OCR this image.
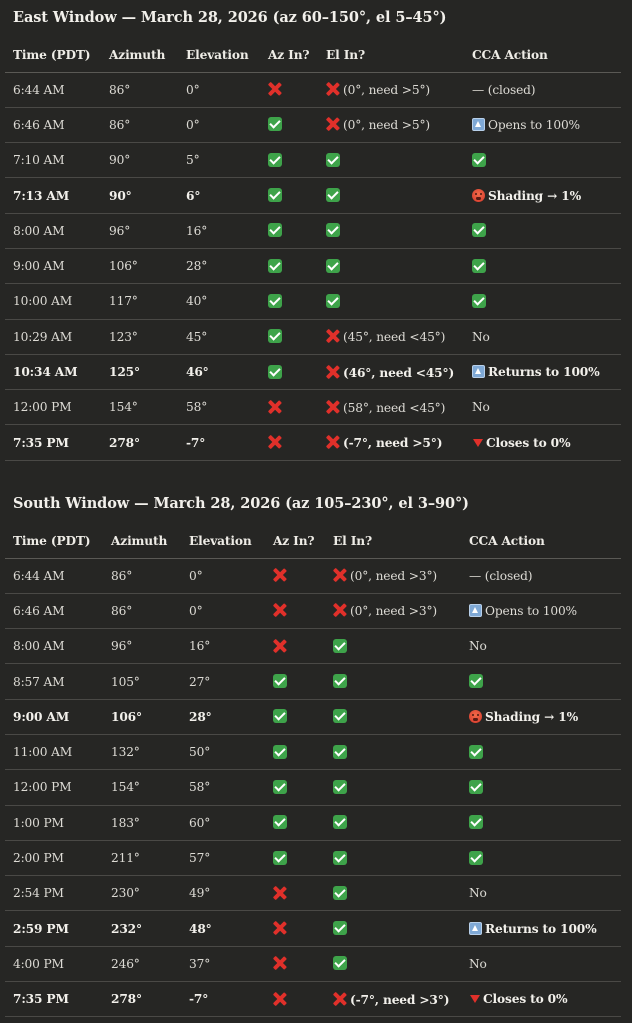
East Window — March 28, 2026 (az 60–150°, el 5–45°)
Time (PDT)	Azimuth	Elevation	Az In?	El In?	CCA Action
6:44 AM	86°	0°		(0°, need >5°)	— (closed)
6:46 AM	86°	0°		(0°, need >5°)	Opens to 100%
7:10 AM	90°	5°			
7:13 AM	90°	6°			Shading → 1%
8:00 AM	96°	16°			
9:00 AM	106°	28°			
10:00 AM	117°	40°			
10:29 AM	123°	45°		(45°, need <45°)	No
10:34 AM	125°	46°		(46°, need <45°)	Returns to 100%
12:00 PM	154°	58°		(58°, need <45°)	No
7:35 PM	278°	-7°		(-7°, need >5°)	Closes to 0%
South Window — March 28, 2026 (az 105–230°, el 3–90°)
Time (PDT)	Azimuth	Elevation	Az In?	El In?	CCA Action
6:44 AM	86°	0°		(0°, need >3°)	— (closed)
6:46 AM	86°	0°		(0°, need >3°)	Opens to 100%
8:00 AM	96°	16°			No
8:57 AM	105°	27°			
9:00 AM	106°	28°			Shading → 1%
11:00 AM	132°	50°			
12:00 PM	154°	58°			
1:00 PM	183°	60°			
2:00 PM	211°	57°			
2:54 PM	230°	49°			No
2:59 PM	232°	48°			Returns to 100%
4:00 PM	246°	37°			No
7:35 PM	278°	-7°		(-7°, need >3°)	Closes to 0%
